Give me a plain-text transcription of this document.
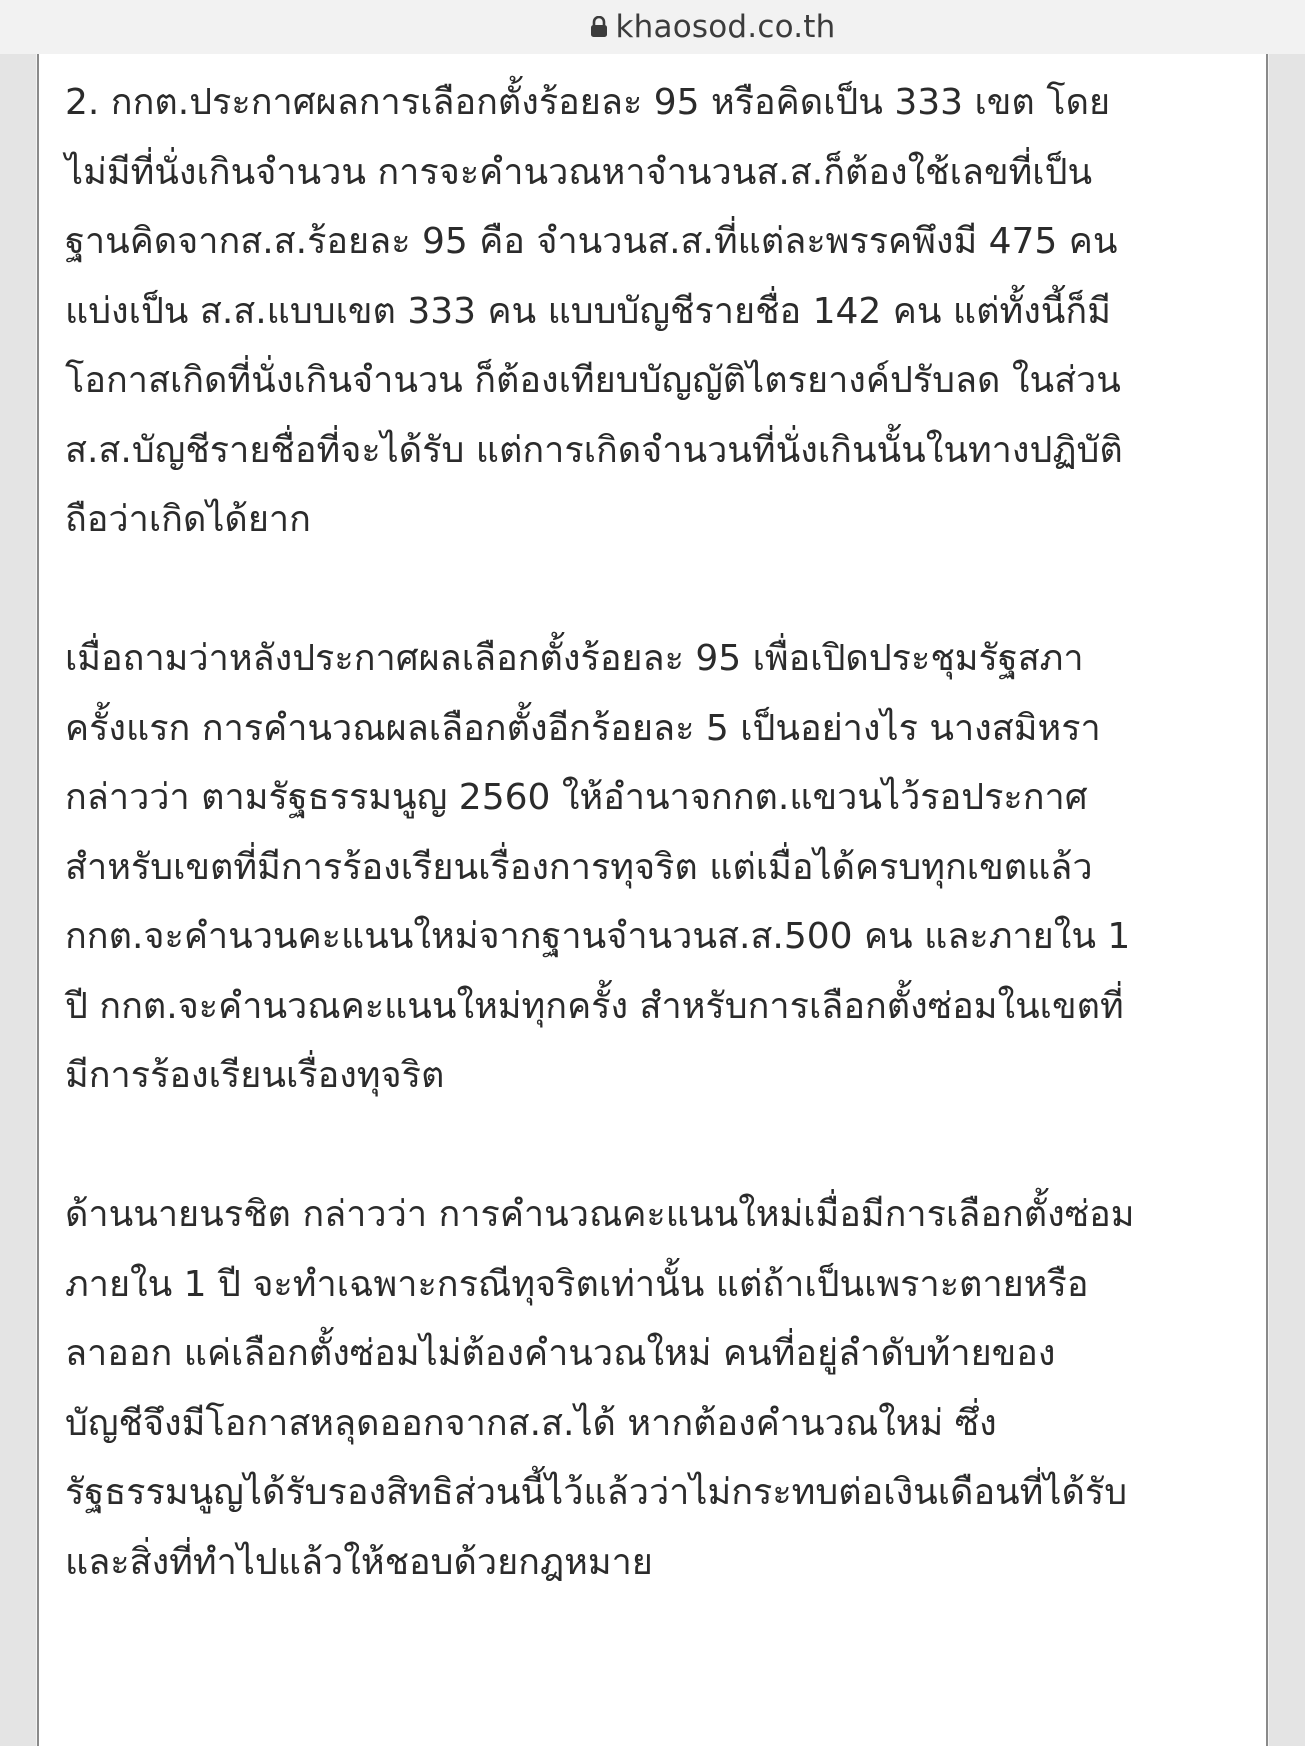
khaosod.co.th

2. กกต.ประกาศผลการเลือกตั้งร้อยละ 95 หรือคิดเป็น 333 เขต โดย
ไม่มีที่นั่งเกินจำนวน การจะคำนวณหาจำนวนส.ส.ก็ต้องใช้เลขที่เป็น
ฐานคิดจากส.ส.ร้อยละ 95 คือ จำนวนส.ส.ที่แต่ละพรรคพึงมี 475 คน
แบ่งเป็น ส.ส.แบบเขต 333 คน แบบบัญชีรายชื่อ 142 คน แต่ทั้งนี้ก็มี
โอกาสเกิดที่นั่งเกินจำนวน ก็ต้องเทียบบัญญัติไตรยางค์ปรับลด ในส่วน
ส.ส.บัญชีรายชื่อที่จะได้รับ แต่การเกิดจำนวนที่นั่งเกินนั้นในทางปฏิบัติ
ถือว่าเกิดได้ยาก

เมื่อถามว่าหลังประกาศผลเลือกตั้งร้อยละ 95 เพื่อเปิดประชุมรัฐสภา
ครั้งแรก การคำนวณผลเลือกตั้งอีกร้อยละ 5 เป็นอย่างไร นางสมิหรา
กล่าวว่า ตามรัฐธรรมนูญ 2560 ให้อำนาจกกต.แขวนไว้รอประกาศ
สำหรับเขตที่มีการร้องเรียนเรื่องการทุจริต แต่เมื่อได้ครบทุกเขตแล้ว
กกต.จะคำนวนคะแนนใหม่จากฐานจำนวนส.ส.500 คน และภายใน 1
ปี กกต.จะคำนวณคะแนนใหม่ทุกครั้ง สำหรับการเลือกตั้งซ่อมในเขตที่
มีการร้องเรียนเรื่องทุจริต

ด้านนายนรชิต กล่าวว่า การคำนวณคะแนนใหม่เมื่อมีการเลือกตั้งซ่อม
ภายใน 1 ปี จะทำเฉพาะกรณีทุจริตเท่านั้น แต่ถ้าเป็นเพราะตายหรือ
ลาออก แค่เลือกตั้งซ่อมไม่ต้องคำนวณใหม่ คนที่อยู่ลำดับท้ายของ
บัญชีจึงมีโอกาสหลุดออกจากส.ส.ได้ หากต้องคำนวณใหม่ ซึ่ง
รัฐธรรมนูญได้รับรองสิทธิส่วนนี้ไว้แล้วว่าไม่กระทบต่อเงินเดือนที่ได้รับ
และสิ่งที่ทำไปแล้วให้ชอบด้วยกฎหมาย
